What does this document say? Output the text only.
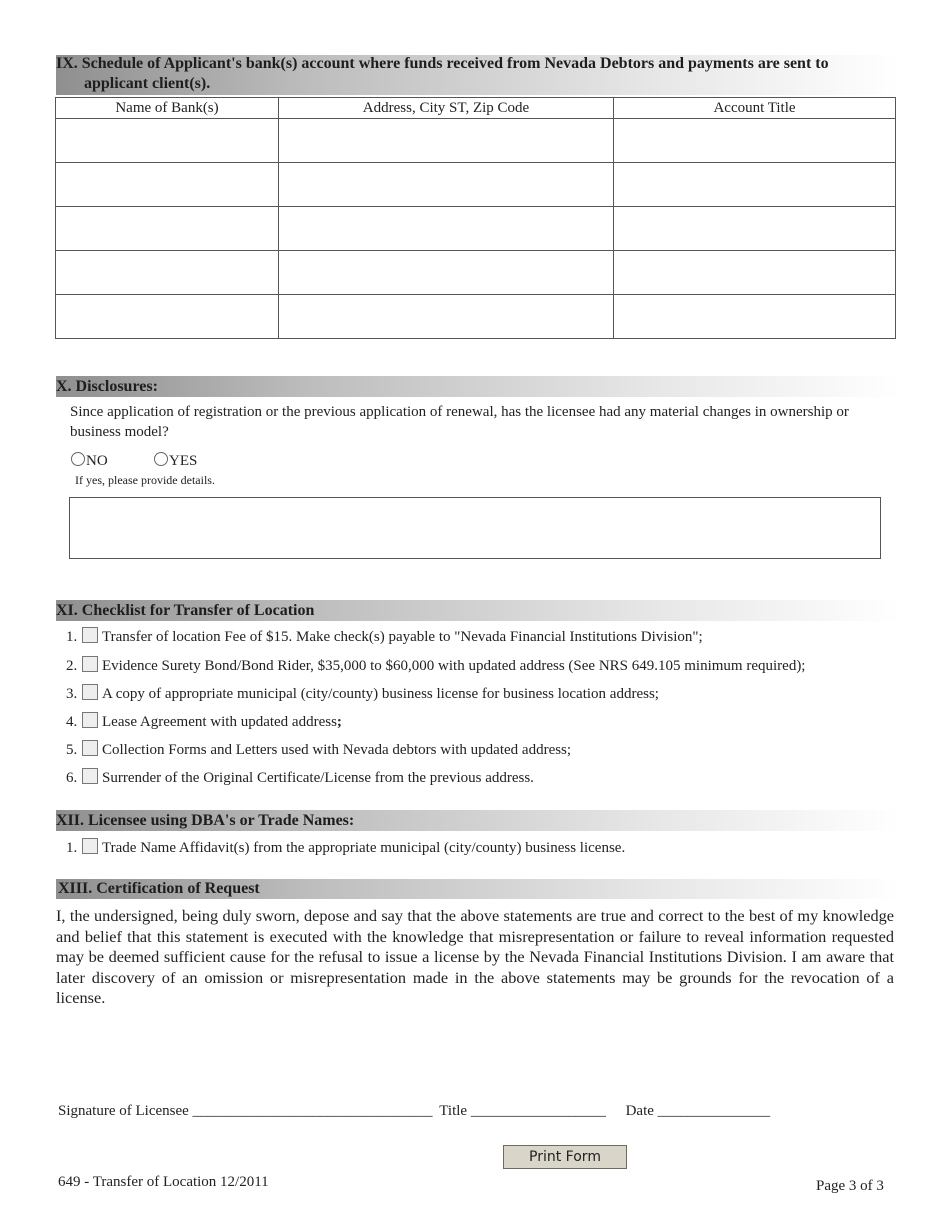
IX. Schedule of Applicant's bank(s) account where funds received from Nevada Debtors and payments are sent to
applicant client(s).
Name of Bank(s)	Address, City ST, Zip Code	Account Title

X. Disclosures:
Since application of registration or the previous application of renewal, has the licensee had any material changes in ownership or business model?
NO	YES
If yes, please provide details.
XI. Checklist for Transfer of Location
1. Transfer of location Fee of $15. Make check(s) payable to "Nevada Financial Institutions Division";
2. Evidence Surety Bond/Bond Rider, $35,000 to $60,000 with updated address (See NRS 649.105 minimum required);
3. A copy of appropriate municipal (city/county) business license for business location address;
4. Lease Agreement with updated address;
5. Collection Forms and Letters used with Nevada debtors with updated address;
6. Surrender of the Original Certificate/License from the previous address.
XII. Licensee using DBA's or Trade Names:
1. Trade Name Affidavit(s) from the appropriate municipal (city/county) business license.
XIII. Certification of Request
I, the undersigned, being duly sworn, depose and say that the above statements are true and correct to the best of my knowledge and belief that this statement is executed with the knowledge that misrepresentation or failure to reveal information requested may be deemed sufficient cause for the refusal to issue a license by the Nevada Financial Institutions Division. I am aware that later discovery of an omission or misrepresentation made in the above statements may be grounds for the revocation of a license.
Signature of Licensee ________________________________ Title __________________ Date _______________
Print Form
649 - Transfer of Location 12/2011	Page 3 of 3
